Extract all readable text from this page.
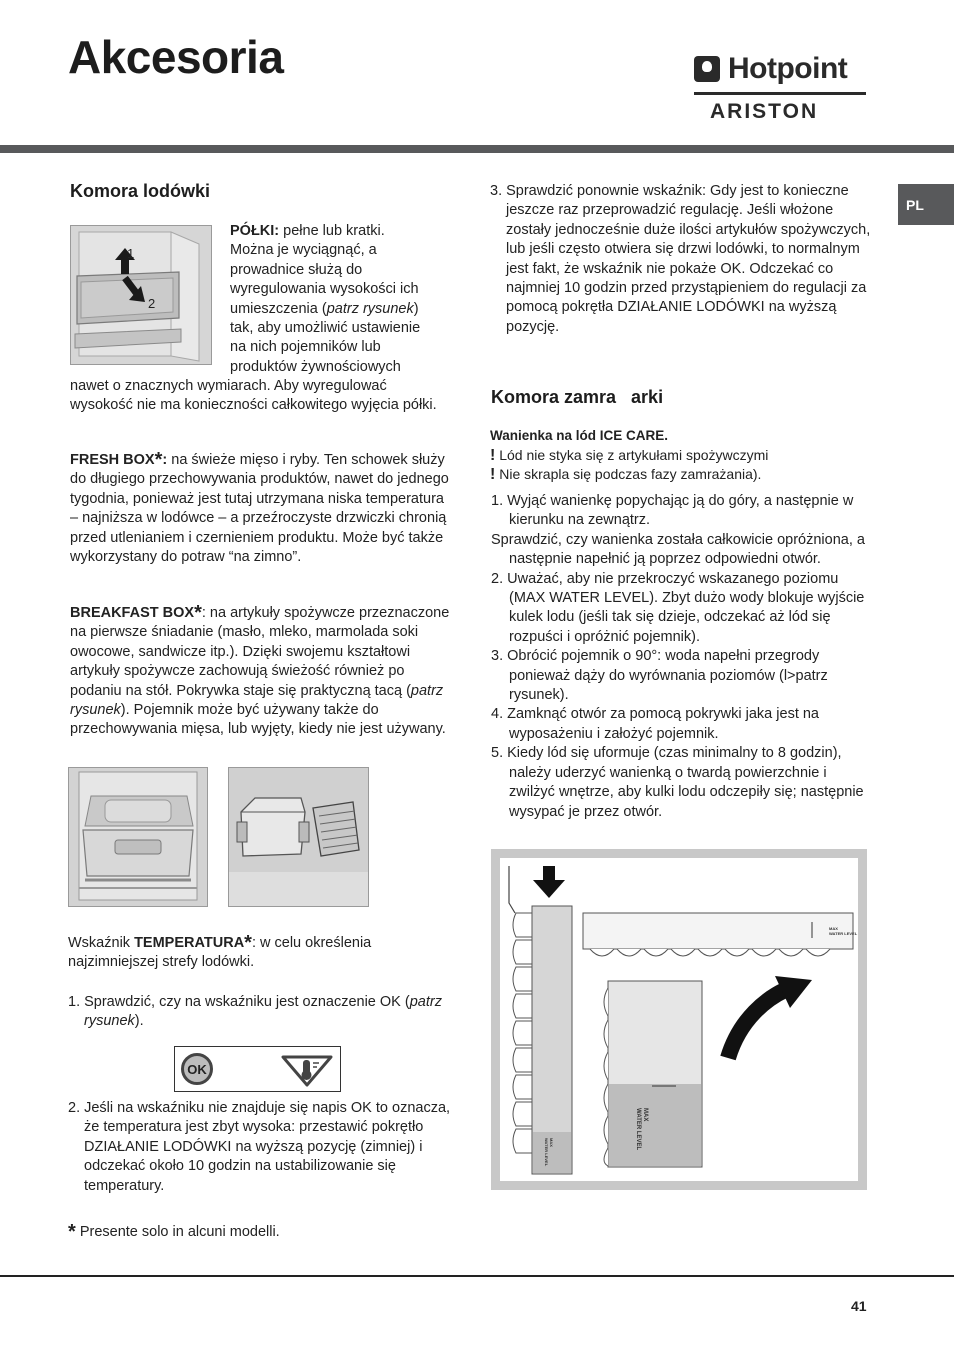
Akcesoria	Hotpoint
ARISTON
PL
Komora lodówki
1
2

PÓŁKI: pełne lub kratki.

Można je wyciągnąć, a

prowadnice służą do

wyregulowania wysokości ich

umieszczenia (patrz rysunek)

tak, aby umożliwić ustawienie

na nich pojemników lub

produktów żywnościowych

nawet o znacznych wymiarach. Aby wyregulować wysokość nie ma konieczności całkowitego wyjęcia półki.
FRESH BOX*: na świeże mięso i ryby. Ten schowek służy do długiego przechowywania produktów, nawet do jednego tygodnia, ponieważ jest tutaj utrzymana niska temperatura – najniższa w lodówce – a przeźroczyste drzwiczki chronią przed utlenianiem i czernieniem produktu. Może być także wykorzystany do potraw “na zimno”.
BREAKFAST BOX*: na artykuły spożywcze przeznaczone na pierwsze śniadanie (masło, mleko, marmolada soki owocowe, sandwicze itp.). Dzięki swojemu kształtowi artykuły spożywcze zachowują świeżość również po podaniu na stół. Pokrywka staje się praktyczną tacą (patrz rysunek). Pojemnik może być używany także do przechowywania mięsa, lub wyjęty, kiedy nie jest używany.
Wskaźnik TEMPERATURA*: w celu określenia najzimniejszej strefy lodówki.
1. Sprawdzić, czy na wskaźniku jest oznaczenie OK (patrz rysunek).
OK
2. Jeśli na wskaźniku nie znajduje się napis OK to oznacza, że temperatura jest zbyt wysoka: przestawić pokrętło DZIAŁANIE LODÓWKI na wyższą pozycję (zimniej) i odczekać około 10 godzin na ustabilizowanie się temperatury.
* Presente solo in alcuni modelli.
3. Sprawdzić ponownie wskaźnik: Gdy jest to konieczne jeszcze raz przeprowadzić regulację. Jeśli włożone zostały jednocześnie duże ilości artykułów spożywczych, lub jeśli często otwiera się drzwi lodówki, to normalnym jest fakt, że wskaźnik nie pokaże OK. Odczekać co najmniej 10 godzin przed przystąpieniem do regulacji za pomocą pokrętła DZIAŁANIE LODÓWKI na wyższą pozycję.
Komora zamra   arki
Wanienka na lód ICE CARE.
! Lód nie styka się z artykułami spożywczymi
! Nie skrapla się podczas fazy zamrażania).

1. Wyjąć wanienkę popychając ją do góry, a następnie w kierunku na zewnątrz.

Sprawdzić, czy wanienka została całkowicie opróżniona, a następnie napełnić ją poprzez odpowiedni otwór.

2. Uważać, aby nie przekroczyć wskazanego poziomu (MAX WATER LEVEL). Zbyt dużo wody blokuje wyjście kulek lodu (jeśli tak się dzieje, odczekać aż lód się rozpuści i opróżnić pojemnik).

3. Obrócić pojemnik o 90°: woda napełni przegrody ponieważ dąży do wyrównania poziomów (l>patrz rysunek).

4. Zamknąć otwór za pomocą pokrywki jaka jest na wyposażeniu i założyć pojemnik.

5. Kiedy lód się uformuje (czas minimalny to 8 godzin), należy uderzyć wanienką o twardą powierzchnie i zwilżyć wnętrze, aby kulki lodu odczepiły się; następnie wysypać je przez otwór.

MAX
WATER LEVEL
MAX
WATER LEVEL
MAX
WATER LEVEL
41
